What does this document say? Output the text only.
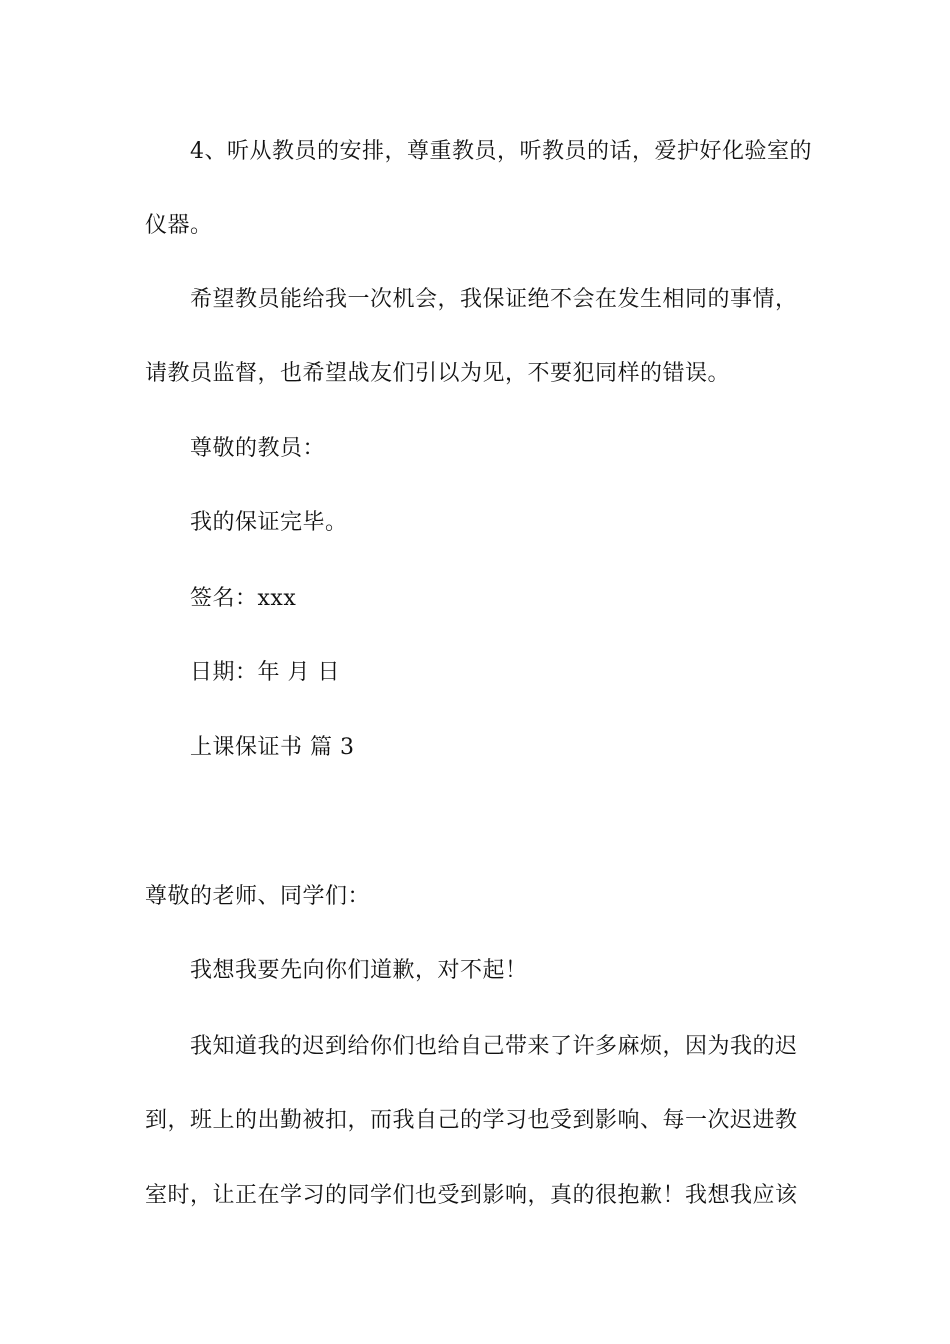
4、听从教员的安排，尊重教员，听教员的话，爱护好化验室的

仪器。

希望教员能给我一次机会，我保证绝不会在发生相同的事情，

请教员监督，也希望战友们引以为见，不要犯同样的错误。

尊敬的教员：

我的保证完毕。

签名：xxx

日期：年 月 日

上课保证书 篇 3

尊敬的老师、同学们：

我想我要先向你们道歉，对不起！

我知道我的迟到给你们也给自己带来了许多麻烦，因为我的迟

到，班上的出勤被扣，而我自己的学习也受到影响、每一次迟进教

室时，让正在学习的同学们也受到影响，真的很抱歉！我想我应该
